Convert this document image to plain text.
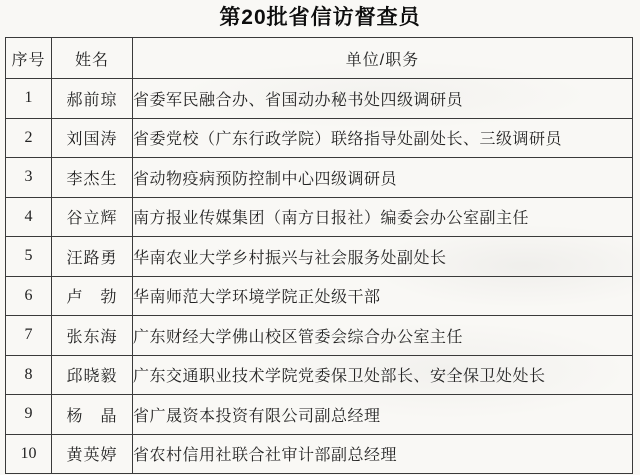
第20批省信访督查员
序号	姓名	单位/职务
1	郝前琼	省委军民融合办、省国动办秘书处四级调研员
2	刘国涛	省委党校（广东行政学院）联络指导处副处长、三级调研员
3	李杰生	省动物疫病预防控制中心四级调研员
4	谷立辉	南方报业传媒集团（南方日报社）编委会办公室副主任
5	汪路勇	华南农业大学乡村振兴与社会服务处副处长
6	卢　勃	华南师范大学环境学院正处级干部
7	张东海	广东财经大学佛山校区管委会综合办公室主任
8	邱晓毅	广东交通职业技术学院党委保卫处部长、安全保卫处处长
9	杨　晶	省广晟资本投资有限公司副总经理
10	黄英婷	省农村信用社联合社审计部副总经理
